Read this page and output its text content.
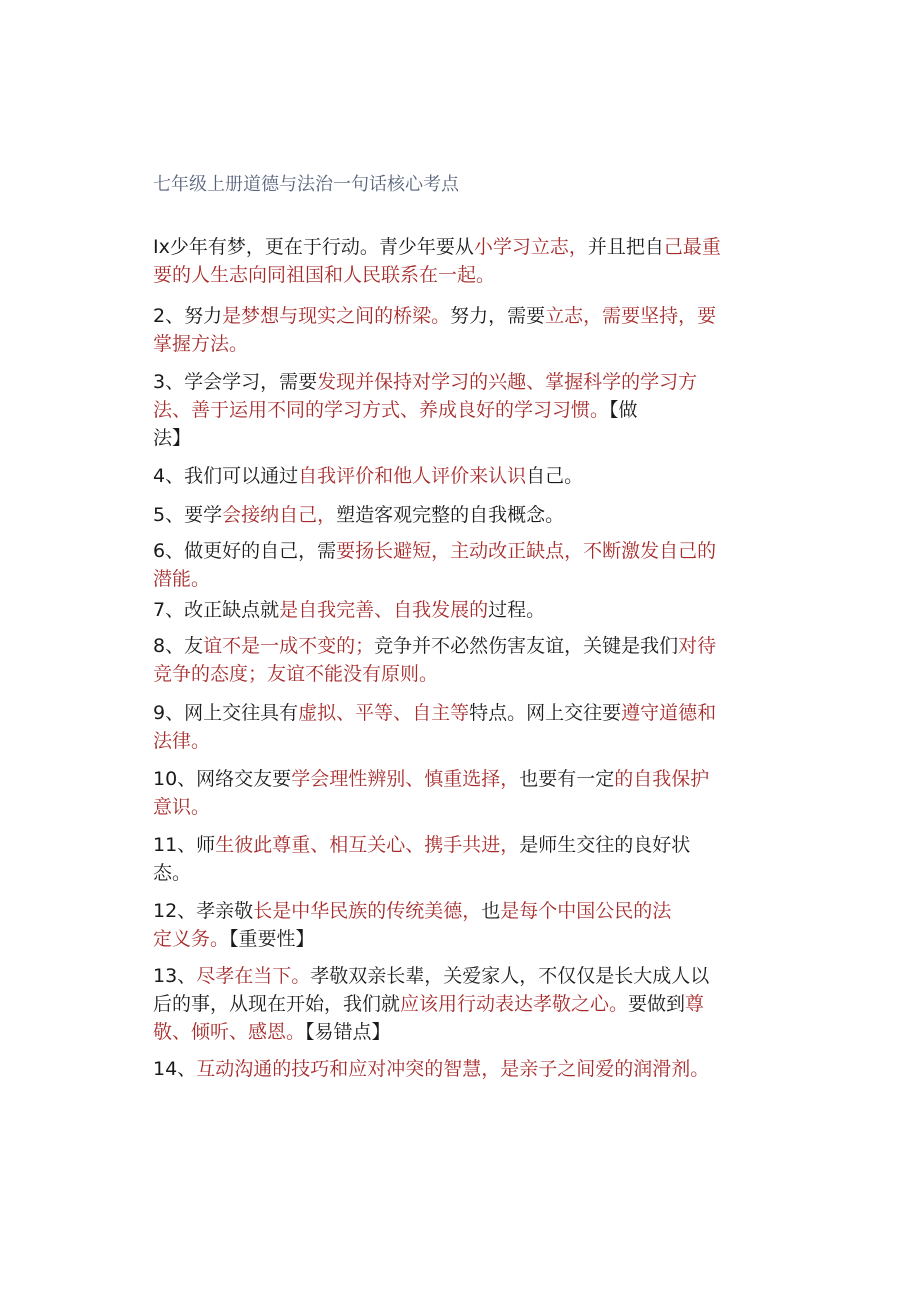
七年级上册道德与法治一句话核心考点
Ix少年有梦，更在于行动。青少年要从小学习立志，并且把自己最重
要的人生志向同祖国和人民联系在一起。
2、努力是梦想与现实之间的桥梁。努力，需要立志，需要坚持，要
掌握方法。
3、学会学习，需要发现并保持对学习的兴趣、掌握科学的学习方
法、善于运用不同的学习方式、养成良好的学习习惯。【做
法】
4、我们可以通过自我评价和他人评价来认识自己。
5、要学会接纳自己，塑造客观完整的自我概念。
6、做更好的自己，需要扬长避短，主动改正缺点，不断激发自己的
潜能。
7、改正缺点就是自我完善、自我发展的过程。
8、友谊不是一成不变的；竞争并不必然伤害友谊，关键是我们对待
竞争的态度；友谊不能没有原则。
9、网上交往具有虚拟、平等、自主等特点。网上交往要遵守道德和
法律。
10、网络交友要学会理性辨别、慎重选择，也要有一定的自我保护
意识。
11、师生彼此尊重、相互关心、携手共进，是师生交往的良好状
态。
12、孝亲敬长是中华民族的传统美德，也是每个中国公民的法
定义务。【重要性】
13、尽孝在当下。孝敬双亲长辈，关爱家人，不仅仅是长大成人以
后的事，从现在开始，我们就应该用行动表达孝敬之心。要做到尊
敬、倾听、感恩。【易错点】
14、互动沟通的技巧和应对冲突的智慧，是亲子之间爱的润滑剂。
